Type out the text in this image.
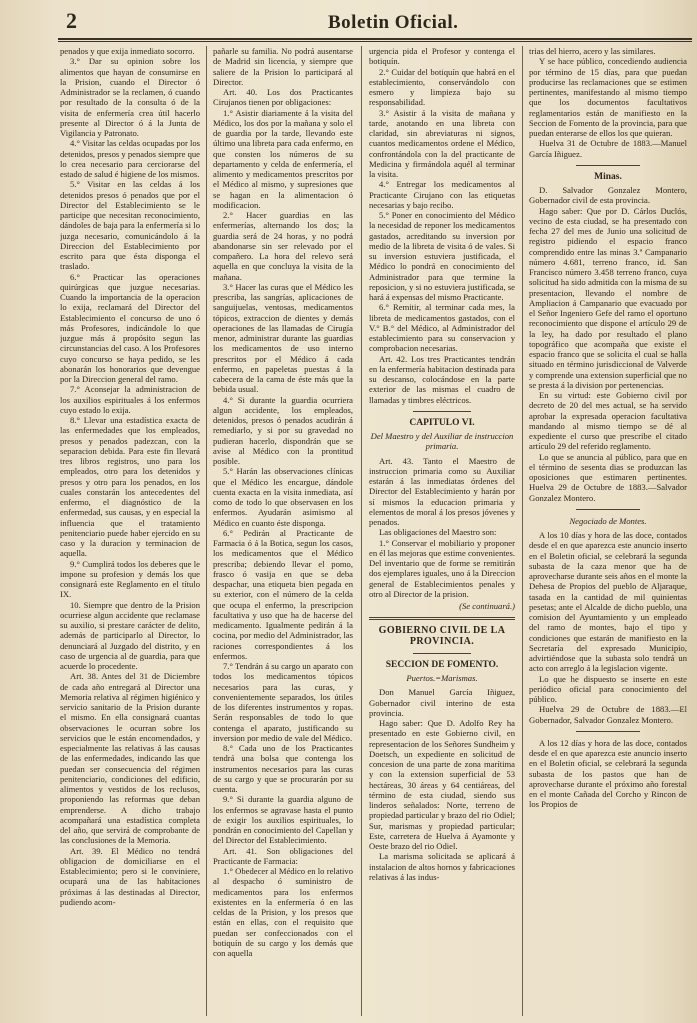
2	Boletin Oficial.

penados y que exija inmediato socorro.

3.° Dar su opinion sobre los alimentos que hayan de consumirse en la Prision, cuando el Director ó Administrador se la reclamen, ó cuando por resultado de la consulta ó de la visita de enfermería crea útil hacerlo presente al Director ó á la Junta de Vigilancia y Patronato.

4.° Visitar las celdas ocupadas por los detenidos, presos y penados siempre que lo crea necesario para cerciorarse del estado de salud é higiene de los mismos.

5.° Visitar en las celdas á los detenidos presos ó penados que por el Director del Establecimiento se le participe que necesitan reconocimiento, dándoles de baja para la enfermería si lo juzga necesario, comunicándolo á la Direccion del Establecimiento por escrito para que ésta disponga el traslado.

6.° Practicar las operaciones quirúrgicas que juzgue necesarias. Cuando la importancia de la operacion lo exija, reclamará del Director del Establecimiento el concurso de uno ó más Profesores, indicándole lo que juzgue más á propósito segun las circunstancias del caso. A los Profesores cuyo concurso se haya pedido, se les abonarán los honorarios que devengue por la Direccion general del ramo.

7.° Aconsejar la administracion de los auxilios espirituales á los enfermos cuyo estado lo exija.

8.° Llevar una estadística exacta de las enfermedades que los empleados, presos y penados padezcan, con la separacion debida. Para este fin llevará tres libros registros, uno para los empleados, otro para los detenidos y presos y otro para los penados, en los cuales constarán los antecedentes del enfermo, el diagnóstico de la enfermedad, sus causas, y en especial la influencia que el tratamiento penitenciario puede haber ejercido en su caso y la duracion y terminacion de aquella.

9.° Cumplirá todos los deberes que le impone su profesion y demás los que consignará este Reglamento en el título IX.

10. Siempre que dentro de la Prision ocurriese algun accidente que reclamase su auxilio, si prestare carácter de delito, además de participarlo al Director, lo denunciará al Juzgado del distrito, y en caso de urgencia al de guardia, para que acuerde lo procedente.

Art. 38. Antes del 31 de Diciembre de cada año entregará al Director una Memoria relativa al régimen higiénico y servicio sanitario de la Prision durante el mismo. En ella consignará cuantas observaciones le ocurran sobre los servicios que le están encomendados, y especialmente las relativas á las causas de las enfermedades, indicando las que puedan ser consecuencia del régimen penitenciario, condiciones del edificio, alimentos y vestidos de los reclusos, proponiendo las reformas que deban emprenderse. A dicho trabajo acompañará una estadística completa del año, que servirá de comprobante de las conclusiones de la Memoria.

Art. 39. El Médico no tendrá obligacion de domiciliarse en el Establecimiento; pero si le conviniere, ocupará una de las habitaciones próximas á las destinadas al Director, pudiendo acom-

pañarle su familia. No podrá ausentarse de Madrid sin licencia, y siempre que saliere de la Prision lo participará al Director.

Art. 40. Los dos Practicantes Cirujanos tienen por obligaciones:

1.° Asistir diariamente á la visita del Médico, los dos por la mañana y solo el de guardia por la tarde, llevando este último una libreta para cada enfermo, en que consten los números de su departamento y celda de enfermería, el alimento y medicamentos prescritos por el Médico al mismo, y supresiones que se hagan en la alimentacion ó modificacion.

2.° Hacer guardias en las enfermerías, alternando los dos; la guardia será de 24 horas, y no podrá abandonarse sin ser relevado por el compañero. La hora del relevo será aquella en que concluya la visita de la mañana.

3.° Hacer las curas que el Médico les prescriba, las sangrías, aplicaciones de sanguijuelas, ventosas, medicamentos tópicos, extraccion de dientes y demás operaciones de las llamadas de Cirugía menor, administrar durante las guardias los medicamentos de uso interno prescritos por el Médico á cada enfermo, en papeletas puestas á la cabecera de la cama de éste más que la bebida usual.

4.° Si durante la guardia ocurriera algun accidente, los empleados, detenidos, presos ó penados acudirán á remediarlo, y si por su gravedad no pudieran hacerlo, dispondrán que se avise al Médico con la prontitud posible.

5.° Harán las observaciones clínicas que el Médico les encargue, dándole cuenta exacta en la visita inmediata, así como de todo lo que observasen en los enfermos. Ayudarán asimismo al Médico en cuanto éste disponga.

6.° Pedirán al Practicante de Farmacia ó á la Botica, segun los casos, los medicamentos que el Médico prescriba; debiendo llevar el pomo, frasco ó vasija en que se deba despachar, una etiqueta bien pegada en su exterior, con el número de la celda que ocupa el enfermo, la prescripcion facultativa y uso que ha de hacerse del medicamento. Igualmente pedirán á la cocina, por medio del Administrador, las raciones correspondientes á los enfermos.

7.° Tendrán á su cargo un aparato con todos los medicamentos tópicos necesarios para las curas, y convenientemente separados, los útiles de los diferentes instrumentos y ropas. Serán responsables de todo lo que contenga el aparato, justificando su inversion por medio de vale del Médico.

8.° Cada uno de los Practicantes tendrá una bolsa que contenga los instrumentos necesarios para las curas de su cargo y que se procurarán por su cuenta.

9.° Si durante la guardia alguno de los enfermos se agravase hasta el punto de exigir los auxilios espirituales, lo pondrán en conocimiento del Capellan y del Director del Establecimiento.

Art. 41. Son obligaciones del Practicante de Farmacia:

1.° Obedecer al Médico en lo relativo al despacho ó suministro de medicamentos para los enfermos existentes en la enfermería ó en las celdas de la Prision, y los presos que están en ellas, con el requisito que puedan ser confeccionados con el botiquín de su cargo y los demás que con aquella

urgencia pida el Profesor y contenga el botiquín.

2.° Cuidar del botiquín que habrá en el establecimiento, conservándolo con esmero y limpieza bajo su responsabilidad.

3.° Asistir á la visita de mañana y tarde, anotando en una libreta con claridad, sin abreviaturas ni signos, cuantos medicamentos ordene el Médico, confrontándola con la del practicante de Medicina y firmándola aquél al terminar la visita.

4.° Entregar los medicamentos al Practicante Cirujano con las etiquetas necesarias y bajo recibo.

5.° Poner en conocimiento del Médico la necesidad de reponer los medicamentos gastados, acreditando su inversion por medio de la libreta de visita ó de vales. Si su inversion estuviera justificada, el Médico lo pondrá en conocimiento del Administrador para que termine la reposicion, y si no estuviera justificada, se hará á expensas del mismo Practicante.

6.° Remitir, al terminar cada mes, la libreta de medicamentos gastados, con el V.° B.° del Médico, al Administrador del establecimiento para su conservacion y comprobacion necesarias.

Art. 42. Los tres Practicantes tendrán en la enfermería habitacion destinada para su descanso, colocándose en la parte exterior de las mismas el cuadro de llamadas y timbres eléctricos.

CAPITULO VI.
Del Maestro y del Auxiliar de instruccion primaria.

Art. 43. Tanto el Maestro de instruccion primaria como su Auxiliar estarán á las inmediatas órdenes del Director del Establecimiento y harán por sí mismos la educacion primaria y elementos de moral á los presos jóvenes y penados.

Las obligaciones del Maestro son:

1.° Conservar el mobiliario y proponer en él las mejoras que estime convenientes. Del inventario que de forme se remitirán dos ejemplares iguales, uno á la Direccion general de Establecimientos penales y otro al Director de la prision.

(Se continuará.)
GOBIERNO CIVIL DE LA PROVINCIA.
SECCION DE FOMENTO.
Puertos.=Marismas.

Don Manuel García Iñiguez, Gobernador civil interino de esta provincia.

Hago saber: Que D. Adolfo Rey ha presentado en este Gobierno civil, en representacion de los Señores Sundheim y Doetsch, un expediente en solicitud de concesion de una parte de zona marítima y con la extension superficial de 53 hectáreas, 30 áreas y 64 centiáreas, del término de esta ciudad, siendo sus linderos señalados: Norte, terreno de propiedad particular y brazo del rio Odiel; Sur, marismas y propiedad particular; Este, carretera de Huelva á Ayamonte y Oeste brazo del rio Odiel.

La marisma solicitada se aplicará á instalacion de altos hornos y fabricaciones relativas á las indus-

trias del hierro, acero y las similares.

Y se hace público, concediendo audiencia por término de 15 días, para que puedan producirse las reclamaciones que se estimen pertinentes, manifestando al mismo tiempo que los documentos facultativos reglamentarios están de manifiesto en la Seccion de Fomento de la provincia, para que puedan enterarse de ellos los que quieran.

Huelva 31 de Octubre de 1883.—Manuel García Iñiguez.

Minas.

D. Salvador Gonzalez Montero, Gobernador civil de esta provincia.

Hago saber: Que por D. Cárlos Duclós, vecino de esta ciudad, se ha presentado con fecha 27 del mes de Junio una solicitud de registro pidiendo el espacio franco comprendido entre las minas 3.ª Campanario número 4.681, terreno franco, id. San Francisco número 3.458 terreno franco, cuya solicitud ha sido admitida con la misma de su presentacion, llevando el nombre de Ampliacion á Campanario que evacuado por el Señor Ingeniero Gefe del ramo el oportuno reconocimiento que dispone el artículo 29 de la ley, ha dado por resultado el plano topográfico que acompaña que existe el espacio franco que se solicita el cual se halla situado en término jurisdiccional de Valverde y comprende una extension superficial que no se presta á la division por pertenencias.

En su virtud: este Gobierno civil por decreto de 20 del mes actual, se ha servido aprobar la expresada operacion facultativa mandando al mismo tiempo se dé al expediente el curso que prescribe el citado artículo 29 del referido reglamento.

Lo que se anuncia al público, para que en el término de sesenta dias se produzcan las oposiciones que estimaren pertinentes. Huelva 29 de Octubre de 1883.—Salvador Gonzalez Montero.

Negociado de Montes.

A los 10 días y hora de las doce, contados desde el en que aparezca este anuncio inserto en el Boletin oficial, se celebrará la segunda subasta de la caza menor que ha de aprovecharse durante seis años en el monte la Dehesa de Propios del pueblo de Aljaraque, tasada en la cantidad de mil quinientas pesetas; ante el Alcalde de dicho pueblo, una comision del Ayuntamiento y un empleado del ramo de montes, bajo el tipo y condiciones que estarán de manifiesto en la Secretaría del expresado Municipio, advirtiéndose que la subasta solo tendrá un acto con arreglo á la legislacion vigente.

Lo que he dispuesto se inserte en este periódico oficial para conocimiento del público.

Huelva 29 de Octubre de 1883.—El Gobernador, Salvador Gonzalez Montero.

A los 12 días y hora de las doce, contados desde el en que aparezca este anuncio inserto en el Boletin oficial, se celebrará la segunda subasta de los pastos que han de aprovecharse durante el próximo año forestal en el monte Cañada del Corcho y Rincon de los Propios de
